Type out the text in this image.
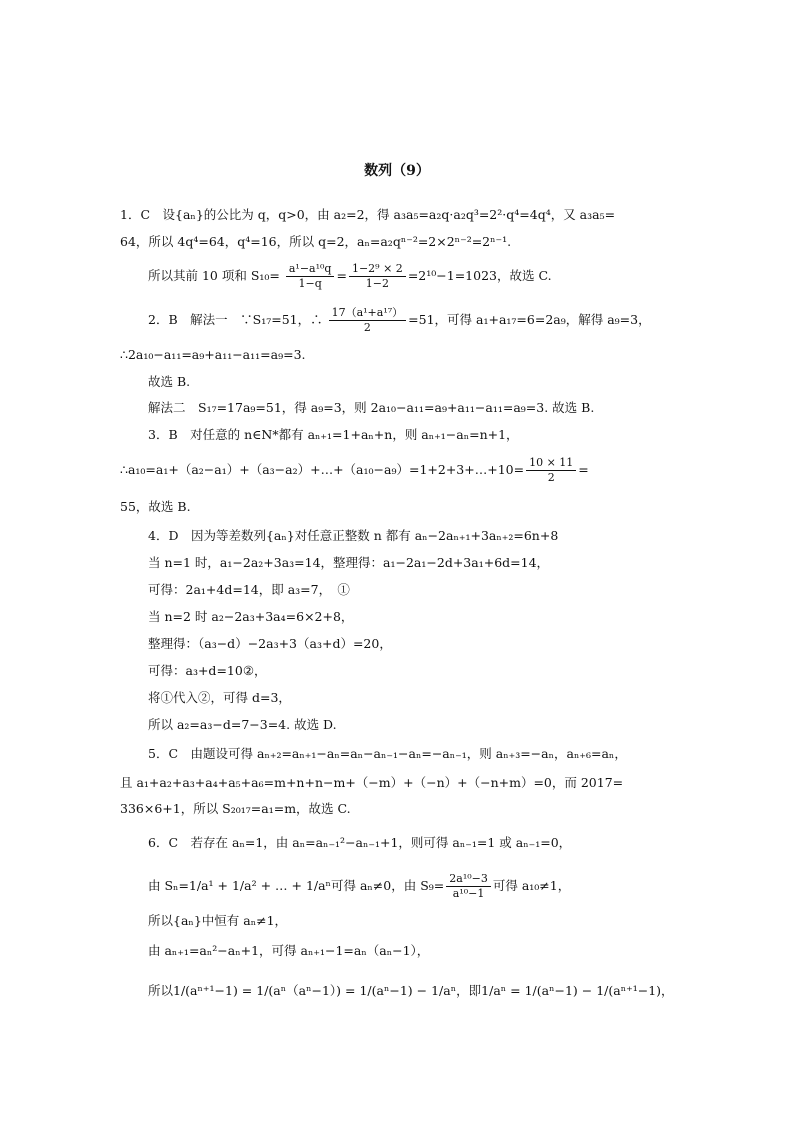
数列（9）
1．C　设{aₙ}的公比为 q，q>0，由 a₂=2，得 a₃a₅=a₂q·a₂q³=2²·q⁴=4q⁴，又 a₃a₅=
64，所以 4q⁴=64，q⁴=16，所以 q=2，aₙ=a₂qⁿ⁻²=2×2ⁿ⁻²=2ⁿ⁻¹.
所以其前 10 项和 $S_{10}= \frac{\text{a¹−a¹⁰q}}{1-q} = \frac{\text{1−2⁹ × 2}}{1-2} =2^{10}-1=1023$，故选 C.
2．B　解法一　∵S₁₇=51，∴ $\frac{\text{17（a¹+a¹⁷）}}{2} =51$，可得 a₁+a₁₇=6=2a₉，解得 a₉=3，
∴2a₁₀−a₁₁=a₉+a₁₁−a₁₁=a₉=3.
故选 B.
解法二　S₁₇=17a₉=51，得 a₉=3，则 2a₁₀−a₁₁=a₉+a₁₁−a₁₁=a₉=3. 故选 B.
3．B　对任意的 n∈N*都有 aₙ₊₁=1+aₙ+n，则 aₙ₊₁−aₙ=n+1，
∴a₁₀=a₁+（a₂−a₁）+（a₃−a₂）+…+（a₁₀−a₉）=1+2+3+…+10= $\frac{10 \times 11}{2}$ =
55，故选 B.
4．D　因为等差数列{aₙ}对任意正整数 n 都有 aₙ−2aₙ₊₁+3aₙ₊₂=6n+8
当 n=1 时，a₁−2a₂+3a₃=14，整理得：a₁−2a₁−2d+3a₁+6d=14，
可得：2a₁+4d=14，即 a₃=7，　①
当 n=2 时 a₂−2a₃+3a₄=6×2+8，
整理得：（a₃−d）−2a₃+3（a₃+d）=20，
可得：a₃+d=10②，
将①代入②，可得 d=3，
所以 a₂=a₃−d=7−3=4. 故选 D.
5．C　由题设可得 aₙ₊₂=aₙ₊₁−aₙ=aₙ−aₙ₋₁−aₙ=−aₙ₋₁，则 aₙ₊₃=−aₙ，aₙ₊₆=aₙ，
且 a₁+a₂+a₃+a₄+a₅+a₆=m+n+n−m+（−m）+（−n）+（−n+m）=0，而 2017=
336×6+1，所以 S₂₀₁₇=a₁=m，故选 C.
6．C　若存在 aₙ=1，由 aₙ=aₙ₋₁²−aₙ₋₁+1，则可得 aₙ₋₁=1 或 aₙ₋₁=0，
由 Sₙ=1/a¹ + 1/a² + … + 1/aⁿ可得 aₙ≠0，由 $S_9= \frac{\text{2a¹⁰−3}}{\text{a¹⁰−1}}$ 可得 a₁₀≠1，
所以{aₙ}中恒有 aₙ≠1，
由 aₙ₊₁=aₙ²−aₙ+1，可得 aₙ₊₁−1=aₙ（aₙ−1），
所以1/(aⁿ⁺¹−1) = 1/(aⁿ（aⁿ−1）) = 1/(aⁿ−1) − 1/aⁿ，即1/aⁿ = 1/(aⁿ−1) − 1/(aⁿ⁺¹−1)，
